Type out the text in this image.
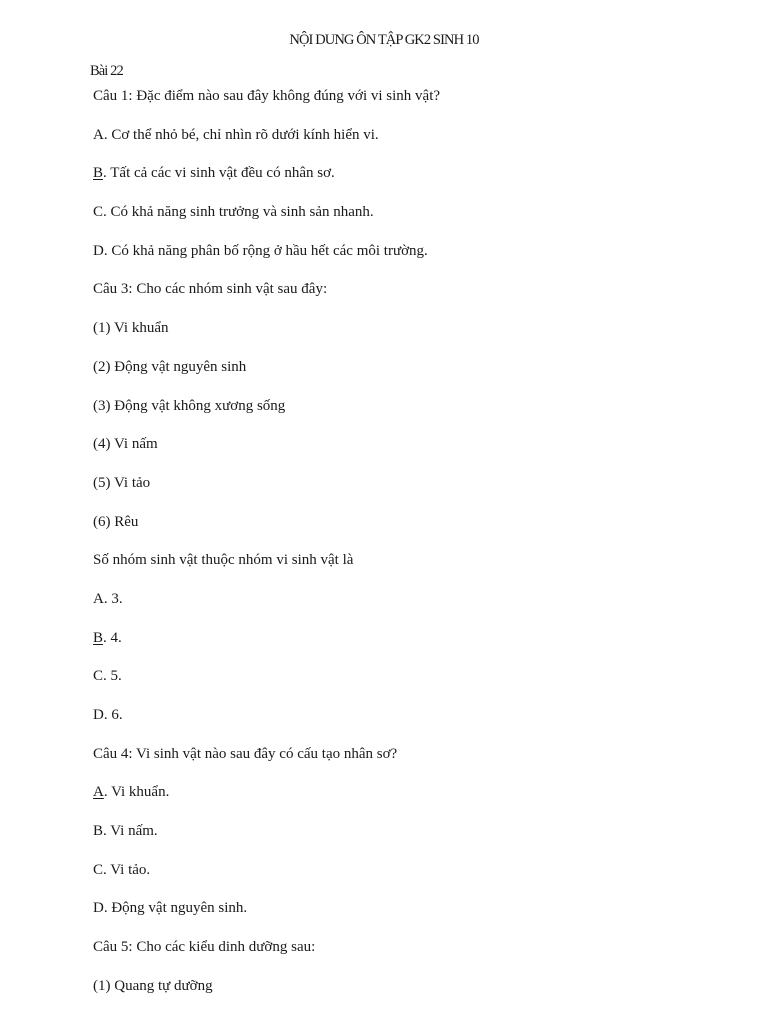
NỘI DUNG ÔN TẬP GK2 SINH 10
Bài 22
Câu 1: Đặc điểm nào sau đây không đúng với vi sinh vật?
A. Cơ thể nhỏ bé, chỉ nhìn rõ dưới kính hiển vi.
B. Tất cả các vi sinh vật đều có nhân sơ.
C. Có khả năng sinh trưởng và sinh sản nhanh.
D. Có khả năng phân bố rộng ở hầu hết các môi trường.
Câu 3: Cho các nhóm sinh vật sau đây:
(1) Vi khuẩn
(2) Động vật nguyên sinh
(3) Động vật không xương sống
(4) Vi nấm
(5) Vi tảo
(6) Rêu
Số nhóm sinh vật thuộc nhóm vi sinh vật là
A. 3.
B. 4.
C. 5.
D. 6.
Câu 4: Vi sinh vật nào sau đây có cấu tạo nhân sơ?
A. Vi khuẩn.
B. Vi nấm.
C. Vi tảo.
D. Động vật nguyên sinh.
Câu 5: Cho các kiểu dinh dưỡng sau:
(1) Quang tự dưỡng
